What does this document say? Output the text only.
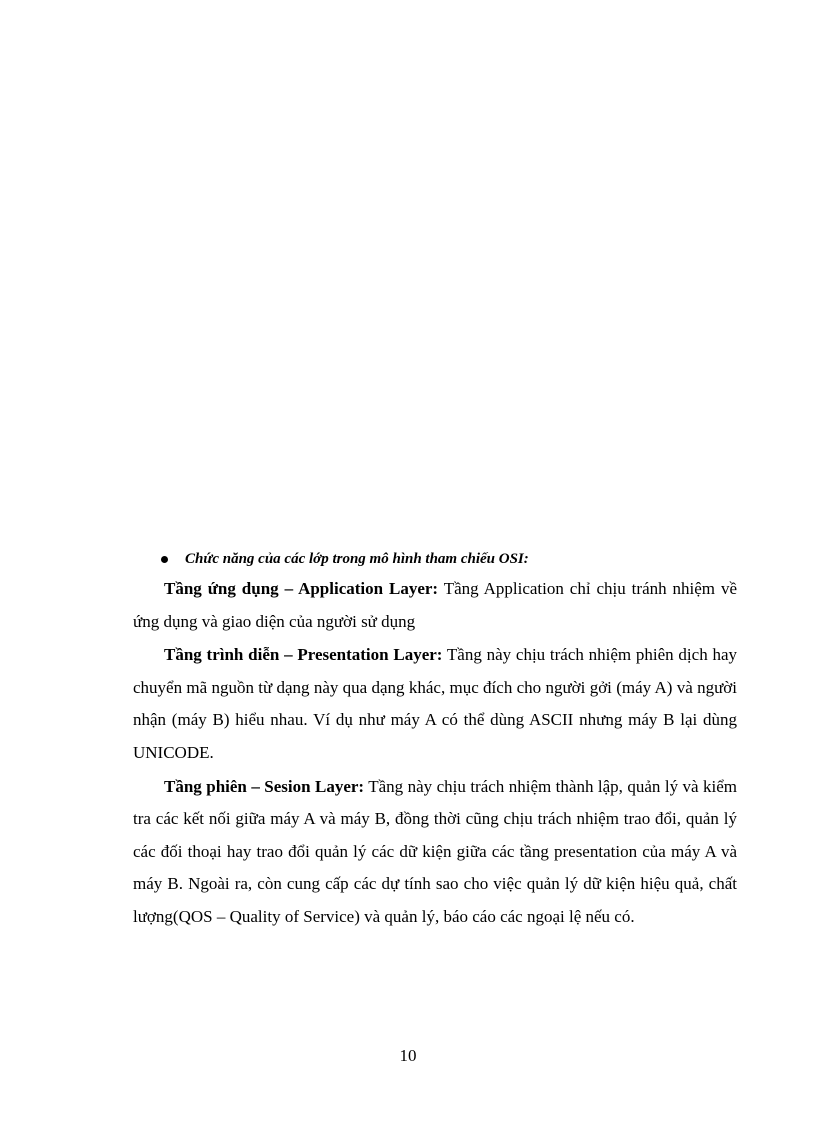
Chức năng của các lớp trong mô hình tham chiếu OSI:

Tầng ứng dụng – Application Layer: Tầng Application chỉ chịu tránh nhiệm về ứng dụng và giao diện của người sử dụng

Tầng trình diễn – Presentation Layer: Tầng này chịu trách nhiệm phiên dịch hay chuyển mã nguồn từ dạng này qua dạng khác, mục đích cho người gởi (máy A) và người nhận (máy B) hiểu nhau. Ví dụ như máy A có thể dùng ASCII nhưng máy B lại dùng UNICODE.

Tầng phiên – Sesion Layer: Tầng này chịu trách nhiệm thành lập, quản lý và kiểm tra các kết nối giữa máy A và máy B, đồng thời cũng chịu trách nhiệm trao đổi, quản lý các đối thoại hay trao đổi quản lý các dữ kiện giữa các tầng presentation của máy A và máy B. Ngoài ra, còn cung cấp các dự tính sao cho việc quản lý dữ kiện hiệu quả, chất lượng(QOS – Quality of Service) và quản lý, báo cáo các ngoại lệ nếu có.

10
